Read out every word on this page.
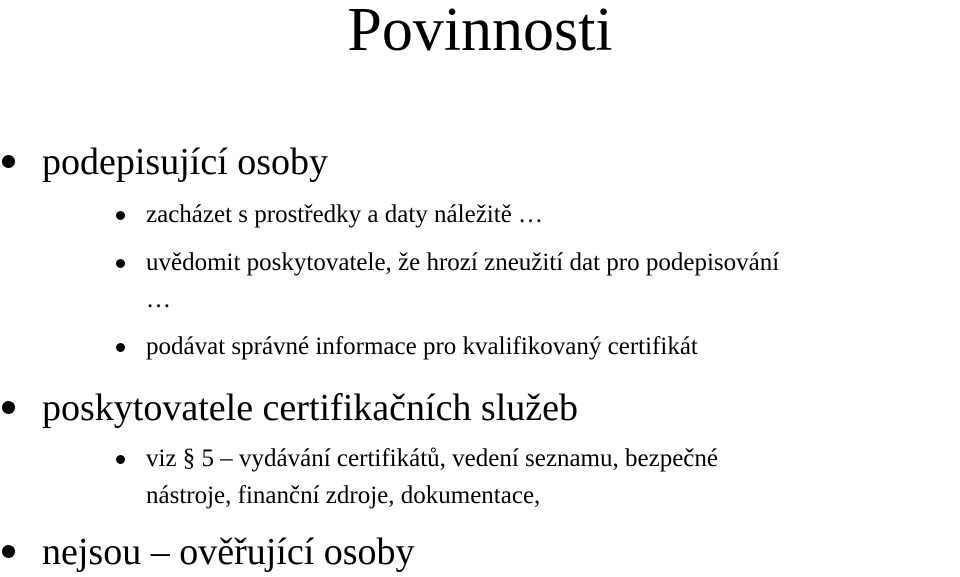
Povinnosti
podepisující osoby
zacházet s prostředky a daty náležitě …
uvědomit poskytovatele, že hrozí zneužití dat pro podepisování
…
podávat správné informace pro kvalifikovaný certifikát
poskytovatele certifikačních služeb
viz § 5 – vydávání certifikátů, vedení seznamu, bezpečné
nástroje, finanční zdroje, dokumentace,
nejsou – ověřující osoby
